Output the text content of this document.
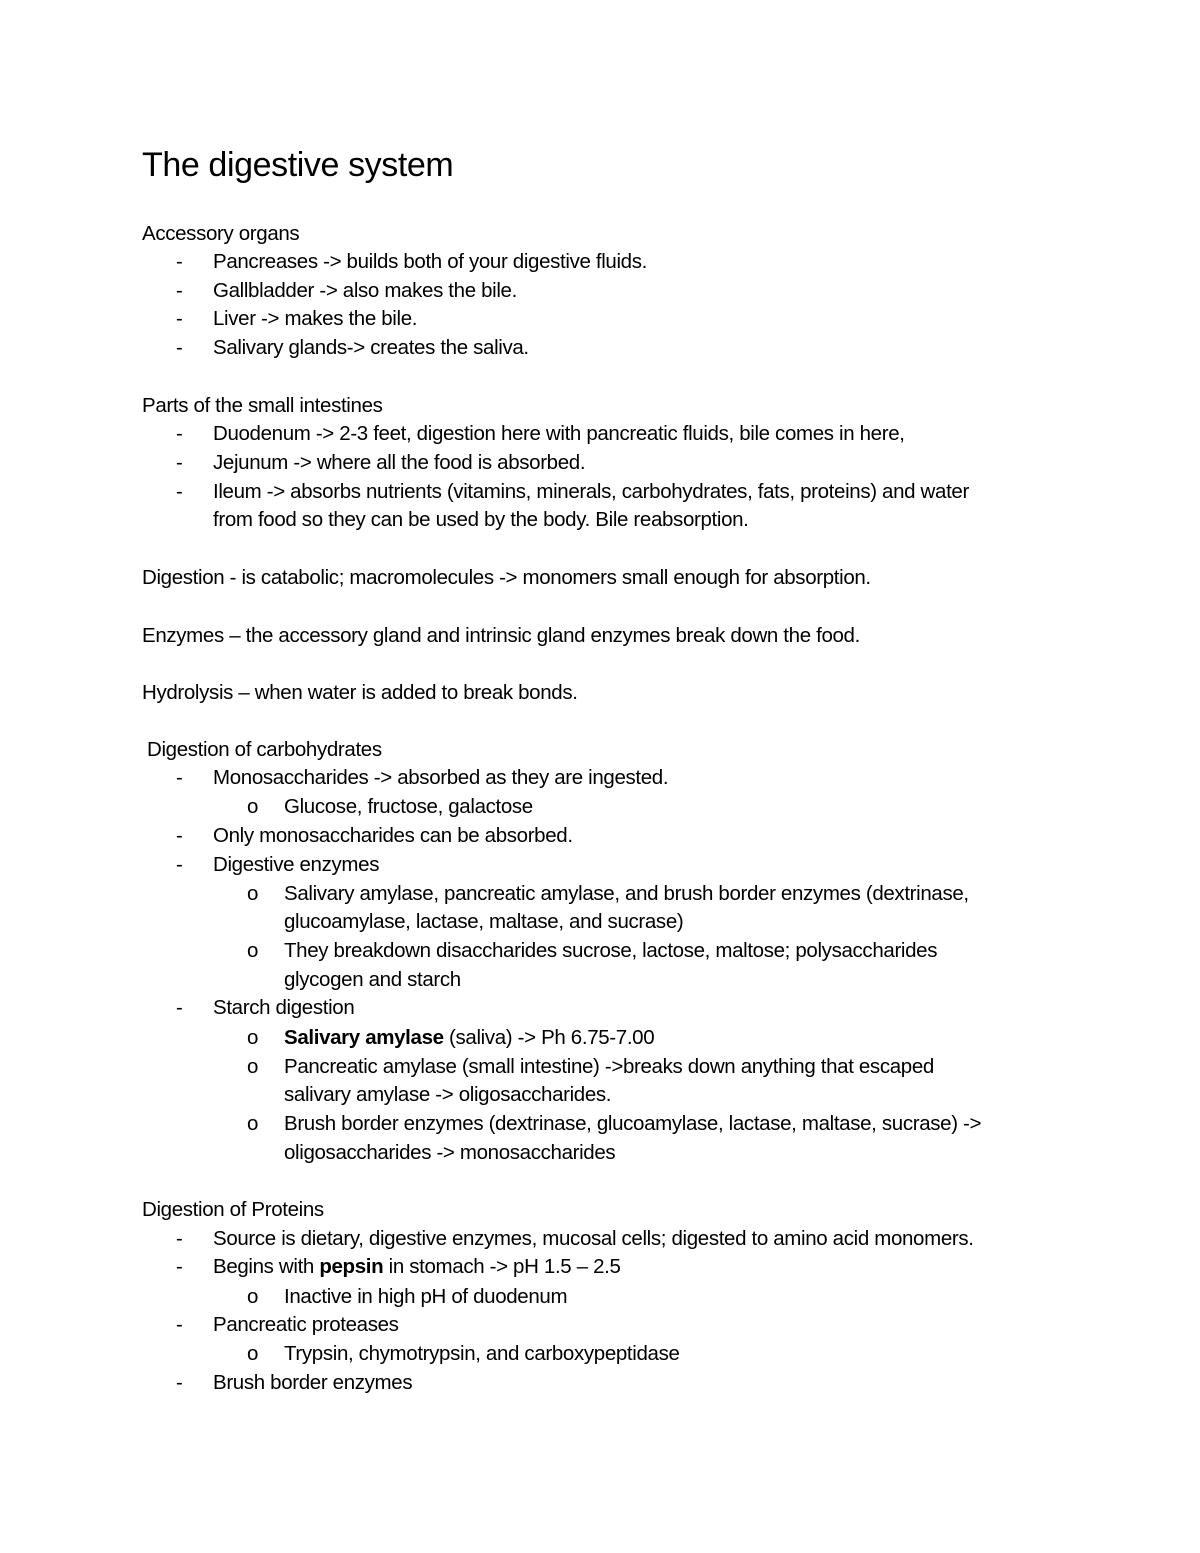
The digestive system
Accessory organs
- Pancreases -> builds both of your digestive fluids.
- Gallbladder -> also makes the bile.
- Liver -> makes the bile.
- Salivary glands-> creates the saliva.
Parts of the small intestines
- Duodenum -> 2-3 feet, digestion here with pancreatic fluids, bile comes in here,
- Jejunum -> where all the food is absorbed.
- Ileum -> absorbs nutrients (vitamins, minerals, carbohydrates, fats, proteins) and water
from food so they can be used by the body. Bile reabsorption.
Digestion - is catabolic; macromolecules -> monomers small enough for absorption.
Enzymes – the accessory gland and intrinsic gland enzymes break down the food.
Hydrolysis – when water is added to break bonds.
Digestion of carbohydrates
- Monosaccharides -> absorbed as they are ingested.
o Glucose, fructose, galactose
- Only monosaccharides can be absorbed.
- Digestive enzymes
o Salivary amylase, pancreatic amylase, and brush border enzymes (dextrinase,
glucoamylase, lactase, maltase, and sucrase)
o They breakdown disaccharides sucrose, lactose, maltose; polysaccharides
glycogen and starch
- Starch digestion
o Salivary amylase (saliva) -> Ph 6.75-7.00
o Pancreatic amylase (small intestine) ->breaks down anything that escaped
salivary amylase -> oligosaccharides.
o Brush border enzymes (dextrinase, glucoamylase, lactase, maltase, sucrase) ->
oligosaccharides -> monosaccharides
Digestion of Proteins
- Source is dietary, digestive enzymes, mucosal cells; digested to amino acid monomers.
- Begins with pepsin in stomach -> pH 1.5 – 2.5
o Inactive in high pH of duodenum
- Pancreatic proteases
o Trypsin, chymotrypsin, and carboxypeptidase
- Brush border enzymes
